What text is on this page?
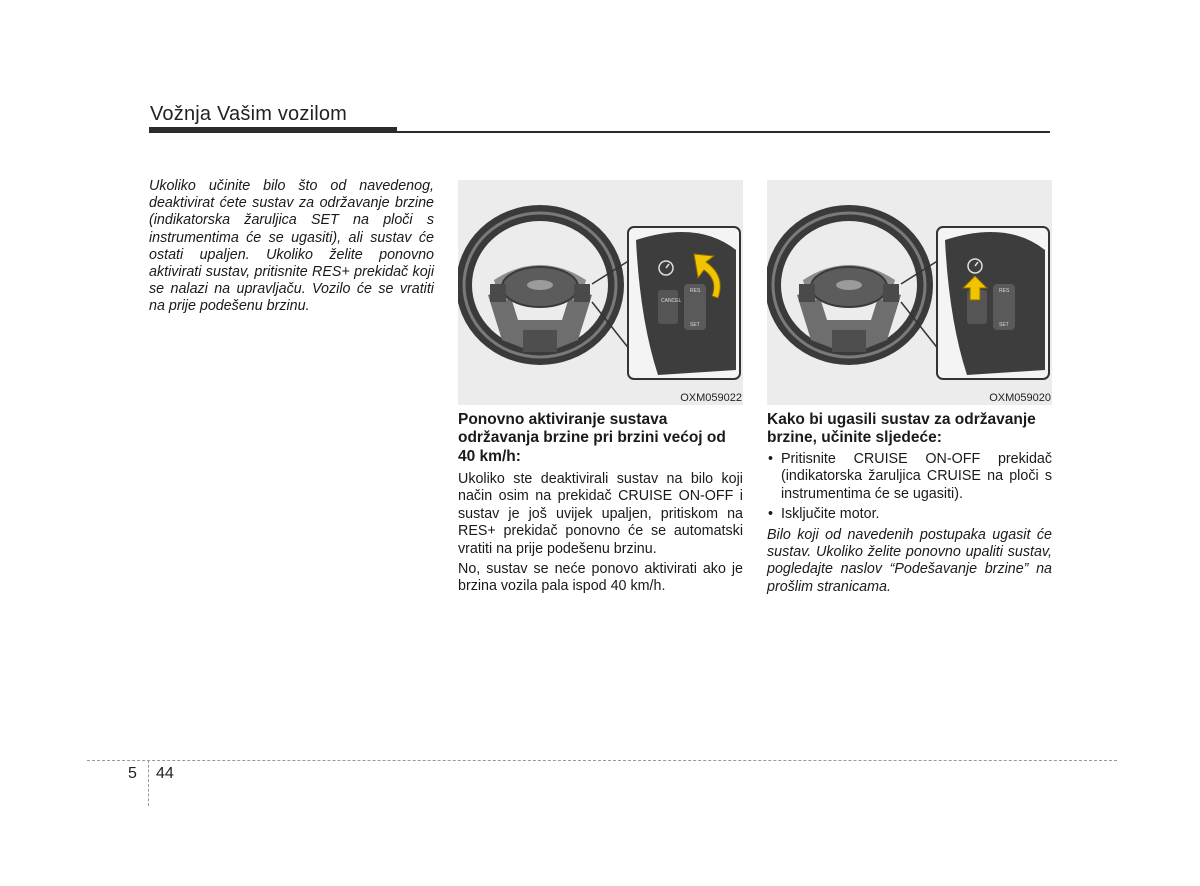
Vožnja Vašim vozilom
Ukoliko učinite bilo što od navedenog, deaktivirat ćete sustav za održavanje brzine (indikatorska žaruljica SET na ploči s instrumentima će se ugasiti), ali sustav će ostati upaljen. Ukoliko želite ponovno aktivirati sustav, pritisnite RES+ prekidač koji se nalazi na upravljaču. Vozilo će se vratiti na prije podešenu brzinu.	CANCEL
RES
SET
OXM059022
RES
SET
OXM059020
Ponovno aktiviranje sustava održavanja brzine pri brzini većoj od 40 km/h:

Ukoliko ste deaktivirali sustav na bilo koji način osim na prekidač CRUISE ON-OFF i sustav je još uvijek upaljen, pritiskom na RES+ prekidač ponovno će se automatski vratiti na prije podešenu brzinu.

No, sustav se neće ponovo aktivirati ako je brzina vozila pala ispod 40 km/h.

Kako bi ugasili sustav za održavanje brzine, učinite sljedeće:
• Pritisnite CRUISE ON-OFF prekidač (indikatorska žaruljica CRUISE na ploči s instrumentima će se ugasiti).
• Isključite motor.

Bilo koji od navedenih postupaka ugasit će sustav. Ukoliko želite ponovno upaliti sustav, pogledajte naslov “Podešavanje brzine” na prošlim stranicama.

5 44
